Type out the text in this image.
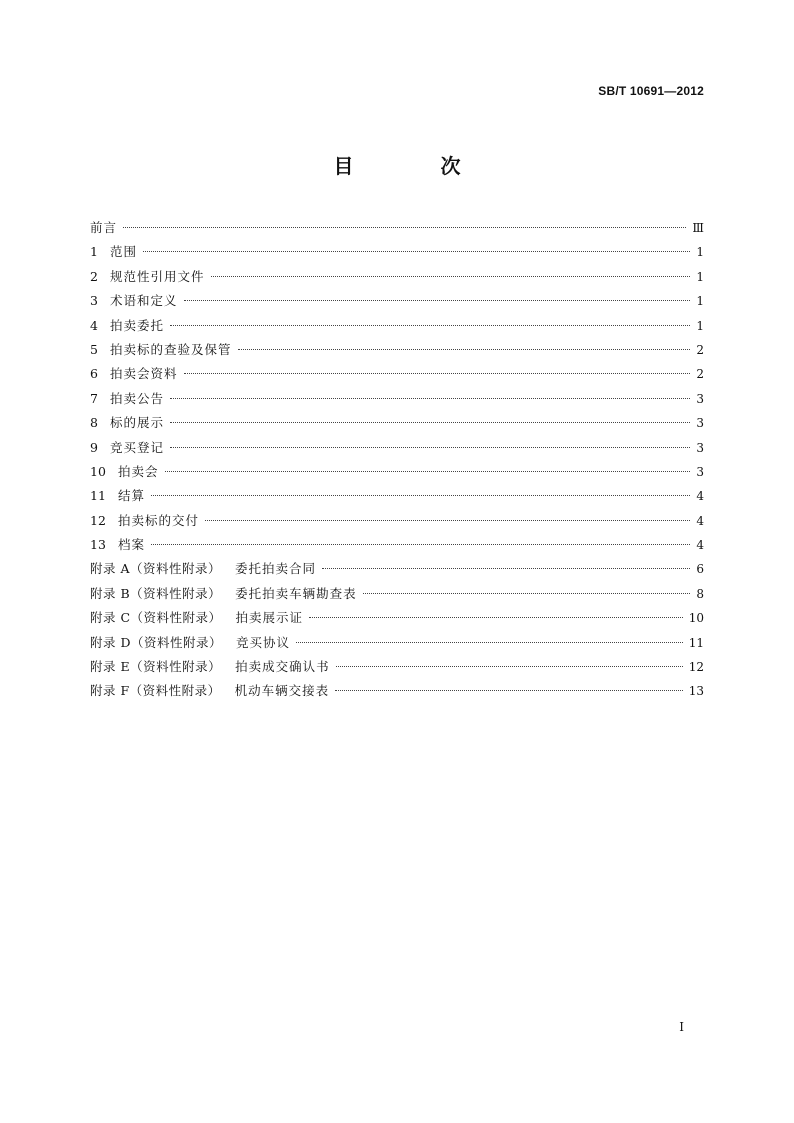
SB/T 10691—2012
目 次
前言	Ⅲ
1 范围	1
2 规范性引用文件	1
3 术语和定义	1
4 拍卖委托	1
5 拍卖标的查验及保管	2
6 拍卖会资料	2
7 拍卖公告	3
8 标的展示	3
9 竞买登记	3
10 拍卖会	3
11 结算	4
12 拍卖标的交付	4
13 档案	4
附录 A（资料性附录） 委托拍卖合同	6
附录 B（资料性附录） 委托拍卖车辆勘查表	8
附录 C（资料性附录） 拍卖展示证	10
附录 D（资料性附录） 竞买协议	11
附录 E（资料性附录） 拍卖成交确认书	12
附录 F（资料性附录） 机动车辆交接表	13
I
